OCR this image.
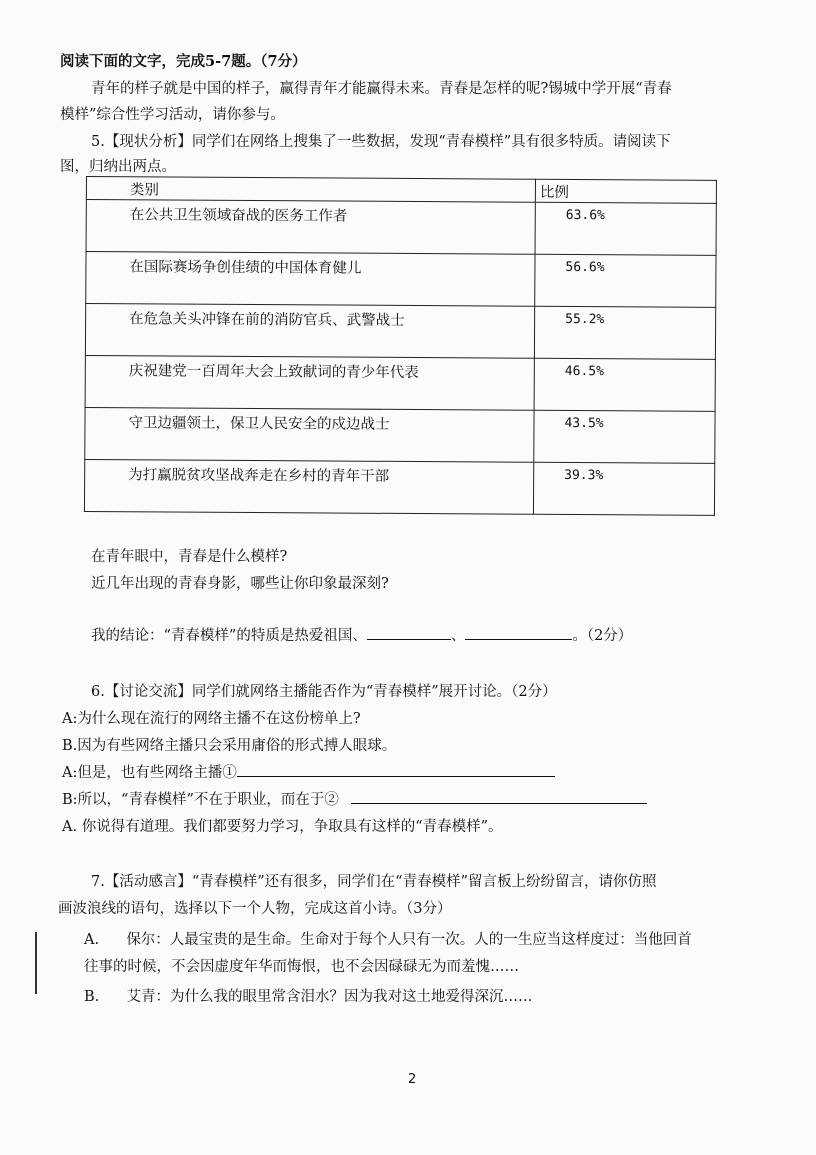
阅读下面的文字，完成5-7题。（7分）
青年的样子就是中国的样子，赢得青年才能赢得未来。青春是怎样的呢?锡城中学开展“青春
模样”综合性学习活动，请你参与。
5.【现状分析】同学们在网络上搜集了一些数据，发现“青春模样”具有很多特质。请阅读下
图，归纳出两点。
类别	比例

在公共卫生领域奋战的医务工作者	63.6%

在国际赛场争创佳绩的中国体育健儿	56.6%

在危急关头冲锋在前的消防官兵、武警战士	55.2%

庆祝建党一百周年大会上致献词的青少年代表	46.5%

守卫边疆领土，保卫人民安全的戍边战士	43.5%

为打赢脱贫攻坚战奔走在乡村的青年干部	39.3%
在青年眼中，青春是什么模样?
近几年出现的青春身影，哪些让你印象最深刻?
我的结论：“青春模样”的特质是热爱祖国、	、	。（2分）
6.【讨论交流】同学们就网络主播能否作为“青春模样”展开讨论。（2分）
A:为什么现在流行的网络主播不在这份榜单上?
B.因为有些网络主播只会采用庸俗的形式搏人眼球。
A:但是，也有些网络主播①
B:所以，“青春模样”不在于职业，而在于②
A. 你说得有道理。我们都要努力学习，争取具有这样的“青春模样”。
7.【活动感言】“青春模样”还有很多，同学们在“青春模样”留言板上纷纷留言，请你仿照
画波浪线的语句，选择以下一个人物，完成这首小诗。（3分）
A. 保尔：人最宝贵的是生命。生命对于每个人只有一次。人的一生应当这样度过：当他回首
往事的时候，不会因虚度年华而悔恨，也不会因碌碌无为而羞愧……
B. 艾青：为什么我的眼里常含泪水？因为我对这土地爱得深沉……
2
